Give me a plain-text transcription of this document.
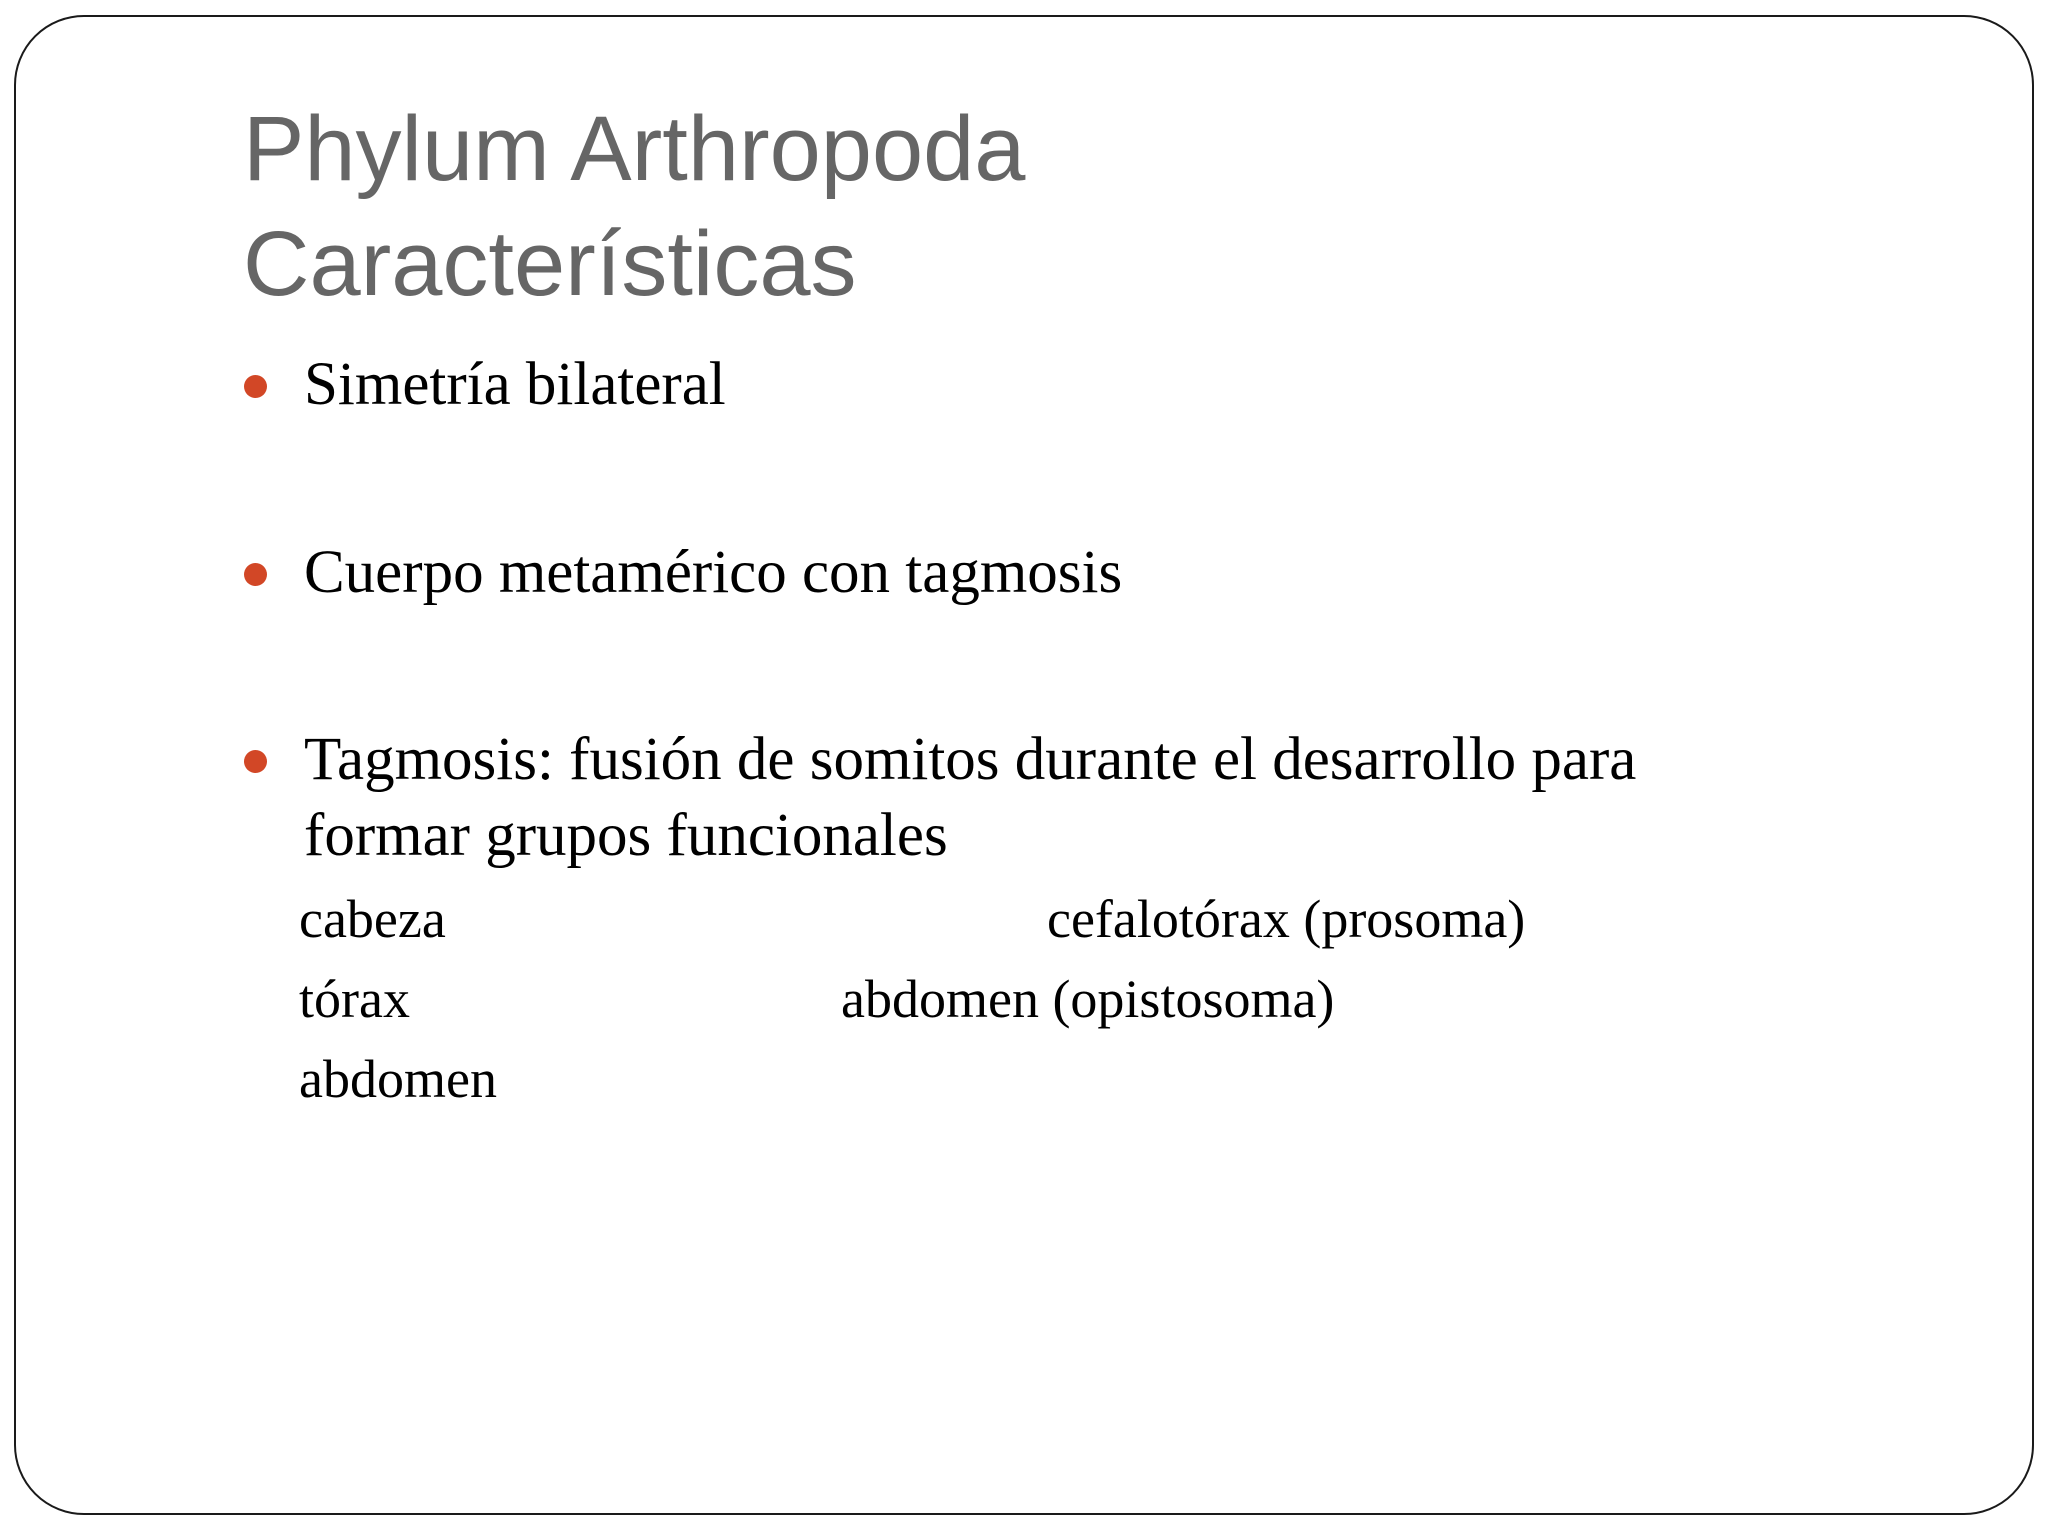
Phylum Arthropoda
Características
Simetría bilateral
Cuerpo metamérico con tagmosis
Tagmosis: fusión de somitos durante el desarrollo para
formar grupos funcionales
cabeza
tórax
abdomen
cefalotórax (prosoma)
abdomen (opistosoma)
